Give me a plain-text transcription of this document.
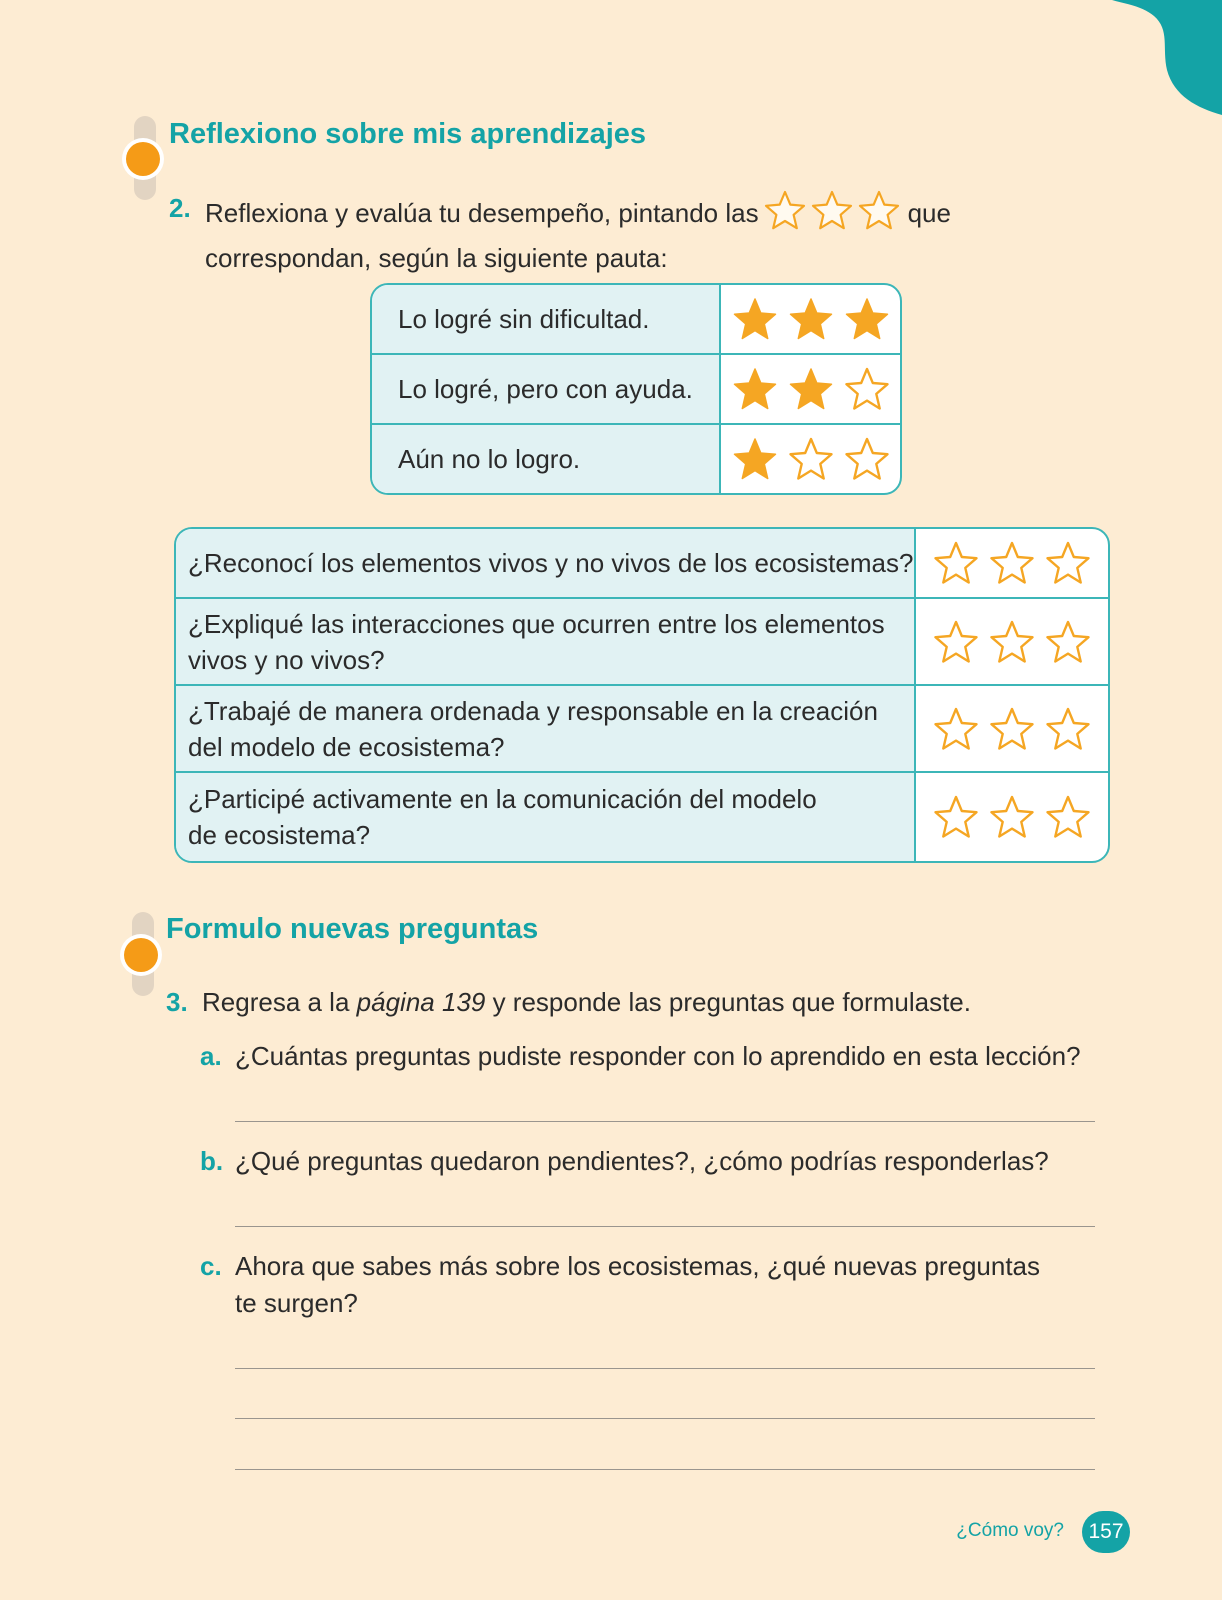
Reflexiono sobre mis aprendizajes
2. Reflexiona y evalúa tu desempeño, pintando las	que
correspondan, según la siguiente pauta:
Lo logré sin dificultad.
Lo logré, pero con ayuda.
Aún no lo logro.
¿Reconocí los elementos vivos y no vivos de los ecosistemas?
¿Expliqué las interacciones que ocurren entre los elementos
vivos y no vivos?
¿Trabajé de manera ordenada y responsable en la creación
del modelo de ecosistema?
¿Participé activamente en la comunicación del modelo
de ecosistema?
Formulo nuevas preguntas
3. Regresa a la página 139 y responde las preguntas que formulaste.
a. ¿Cuántas preguntas pudiste responder con lo aprendido en esta lección?
b. ¿Qué preguntas quedaron pendientes?, ¿cómo podrías responderlas?
c. Ahora que sabes más sobre los ecosistemas, ¿qué nuevas preguntas
te surgen?
¿Cómo voy?	157
